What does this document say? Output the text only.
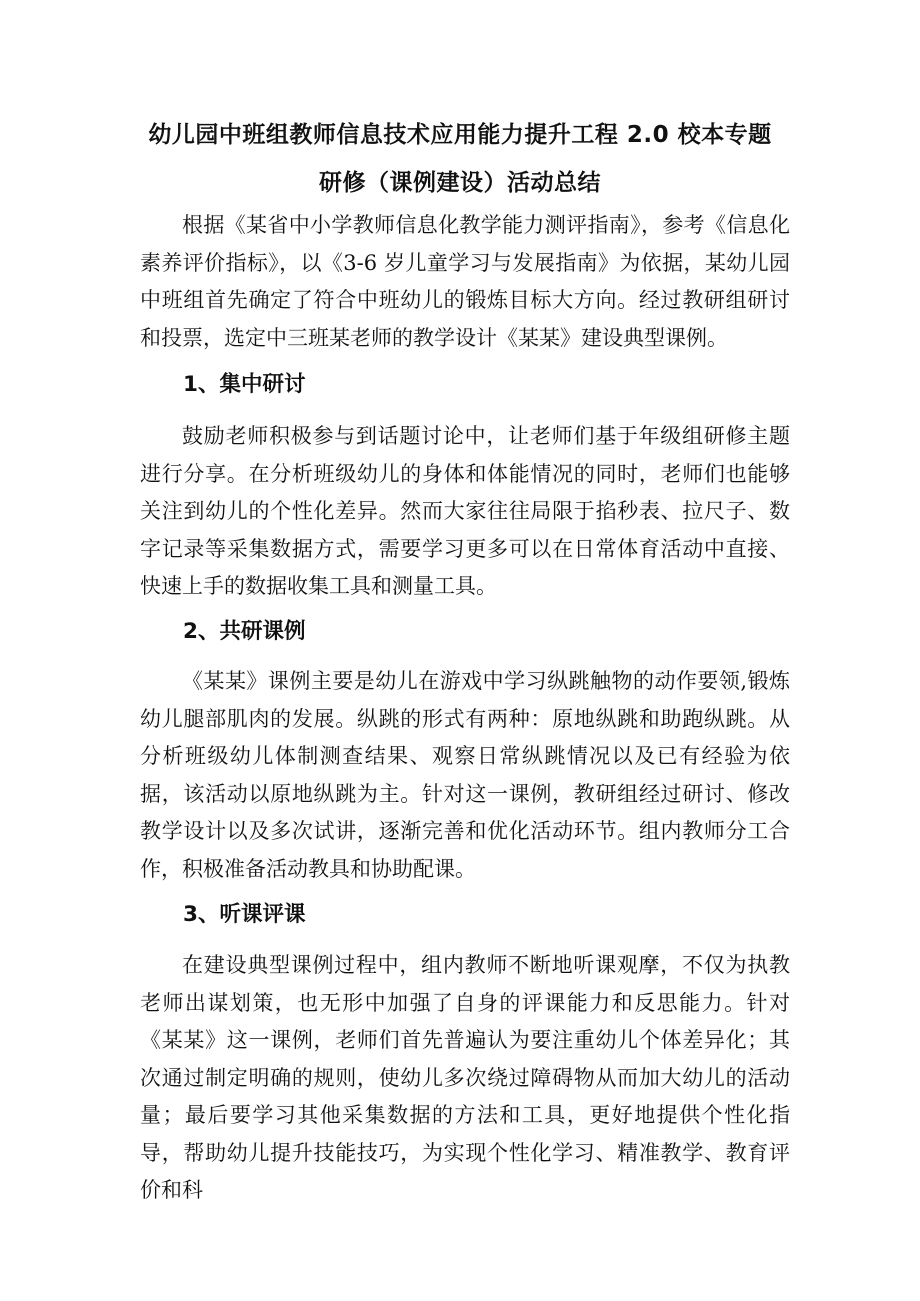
幼儿园中班组教师信息技术应用能力提升工程 2.0 校本专题
研修（课例建设）活动总结

根据《某省中小学教师信息化教学能力测评指南》，参考《信息化素养评价指标》，以《3-6 岁儿童学习与发展指南》为依据，某幼儿园中班组首先确定了符合中班幼儿的锻炼目标大方向。经过教研组研讨和投票，选定中三班某老师的教学设计《某某》建设典型课例。

1、集中研讨

鼓励老师积极参与到话题讨论中，让老师们基于年级组研修主题进行分享。在分析班级幼儿的身体和体能情况的同时，老师们也能够关注到幼儿的个性化差异。然而大家往往局限于掐秒表、拉尺子、数字记录等采集数据方式，需要学习更多可以在日常体育活动中直接、快速上手的数据收集工具和测量工具。

2、共研课例

《某某》课例主要是幼儿在游戏中学习纵跳触物的动作要领,锻炼幼儿腿部肌肉的发展。纵跳的形式有两种：原地纵跳和助跑纵跳。从分析班级幼儿体制测查结果、观察日常纵跳情况以及已有经验为依据，该活动以原地纵跳为主。针对这一课例，教研组经过研讨、修改教学设计以及多次试讲，逐渐完善和优化活动环节。组内教师分工合作，积极准备活动教具和协助配课。

3、听课评课

在建设典型课例过程中，组内教师不断地听课观摩，不仅为执教老师出谋划策，也无形中加强了自身的评课能力和反思能力。针对《某某》这一课例，老师们首先普遍认为要注重幼儿个体差异化；其次通过制定明确的规则，使幼儿多次绕过障碍物从而加大幼儿的活动量；最后要学习其他采集数据的方法和工具，更好地提供个性化指导，帮助幼儿提升技能技巧，为实现个性化学习、精准教学、教育评价和科
